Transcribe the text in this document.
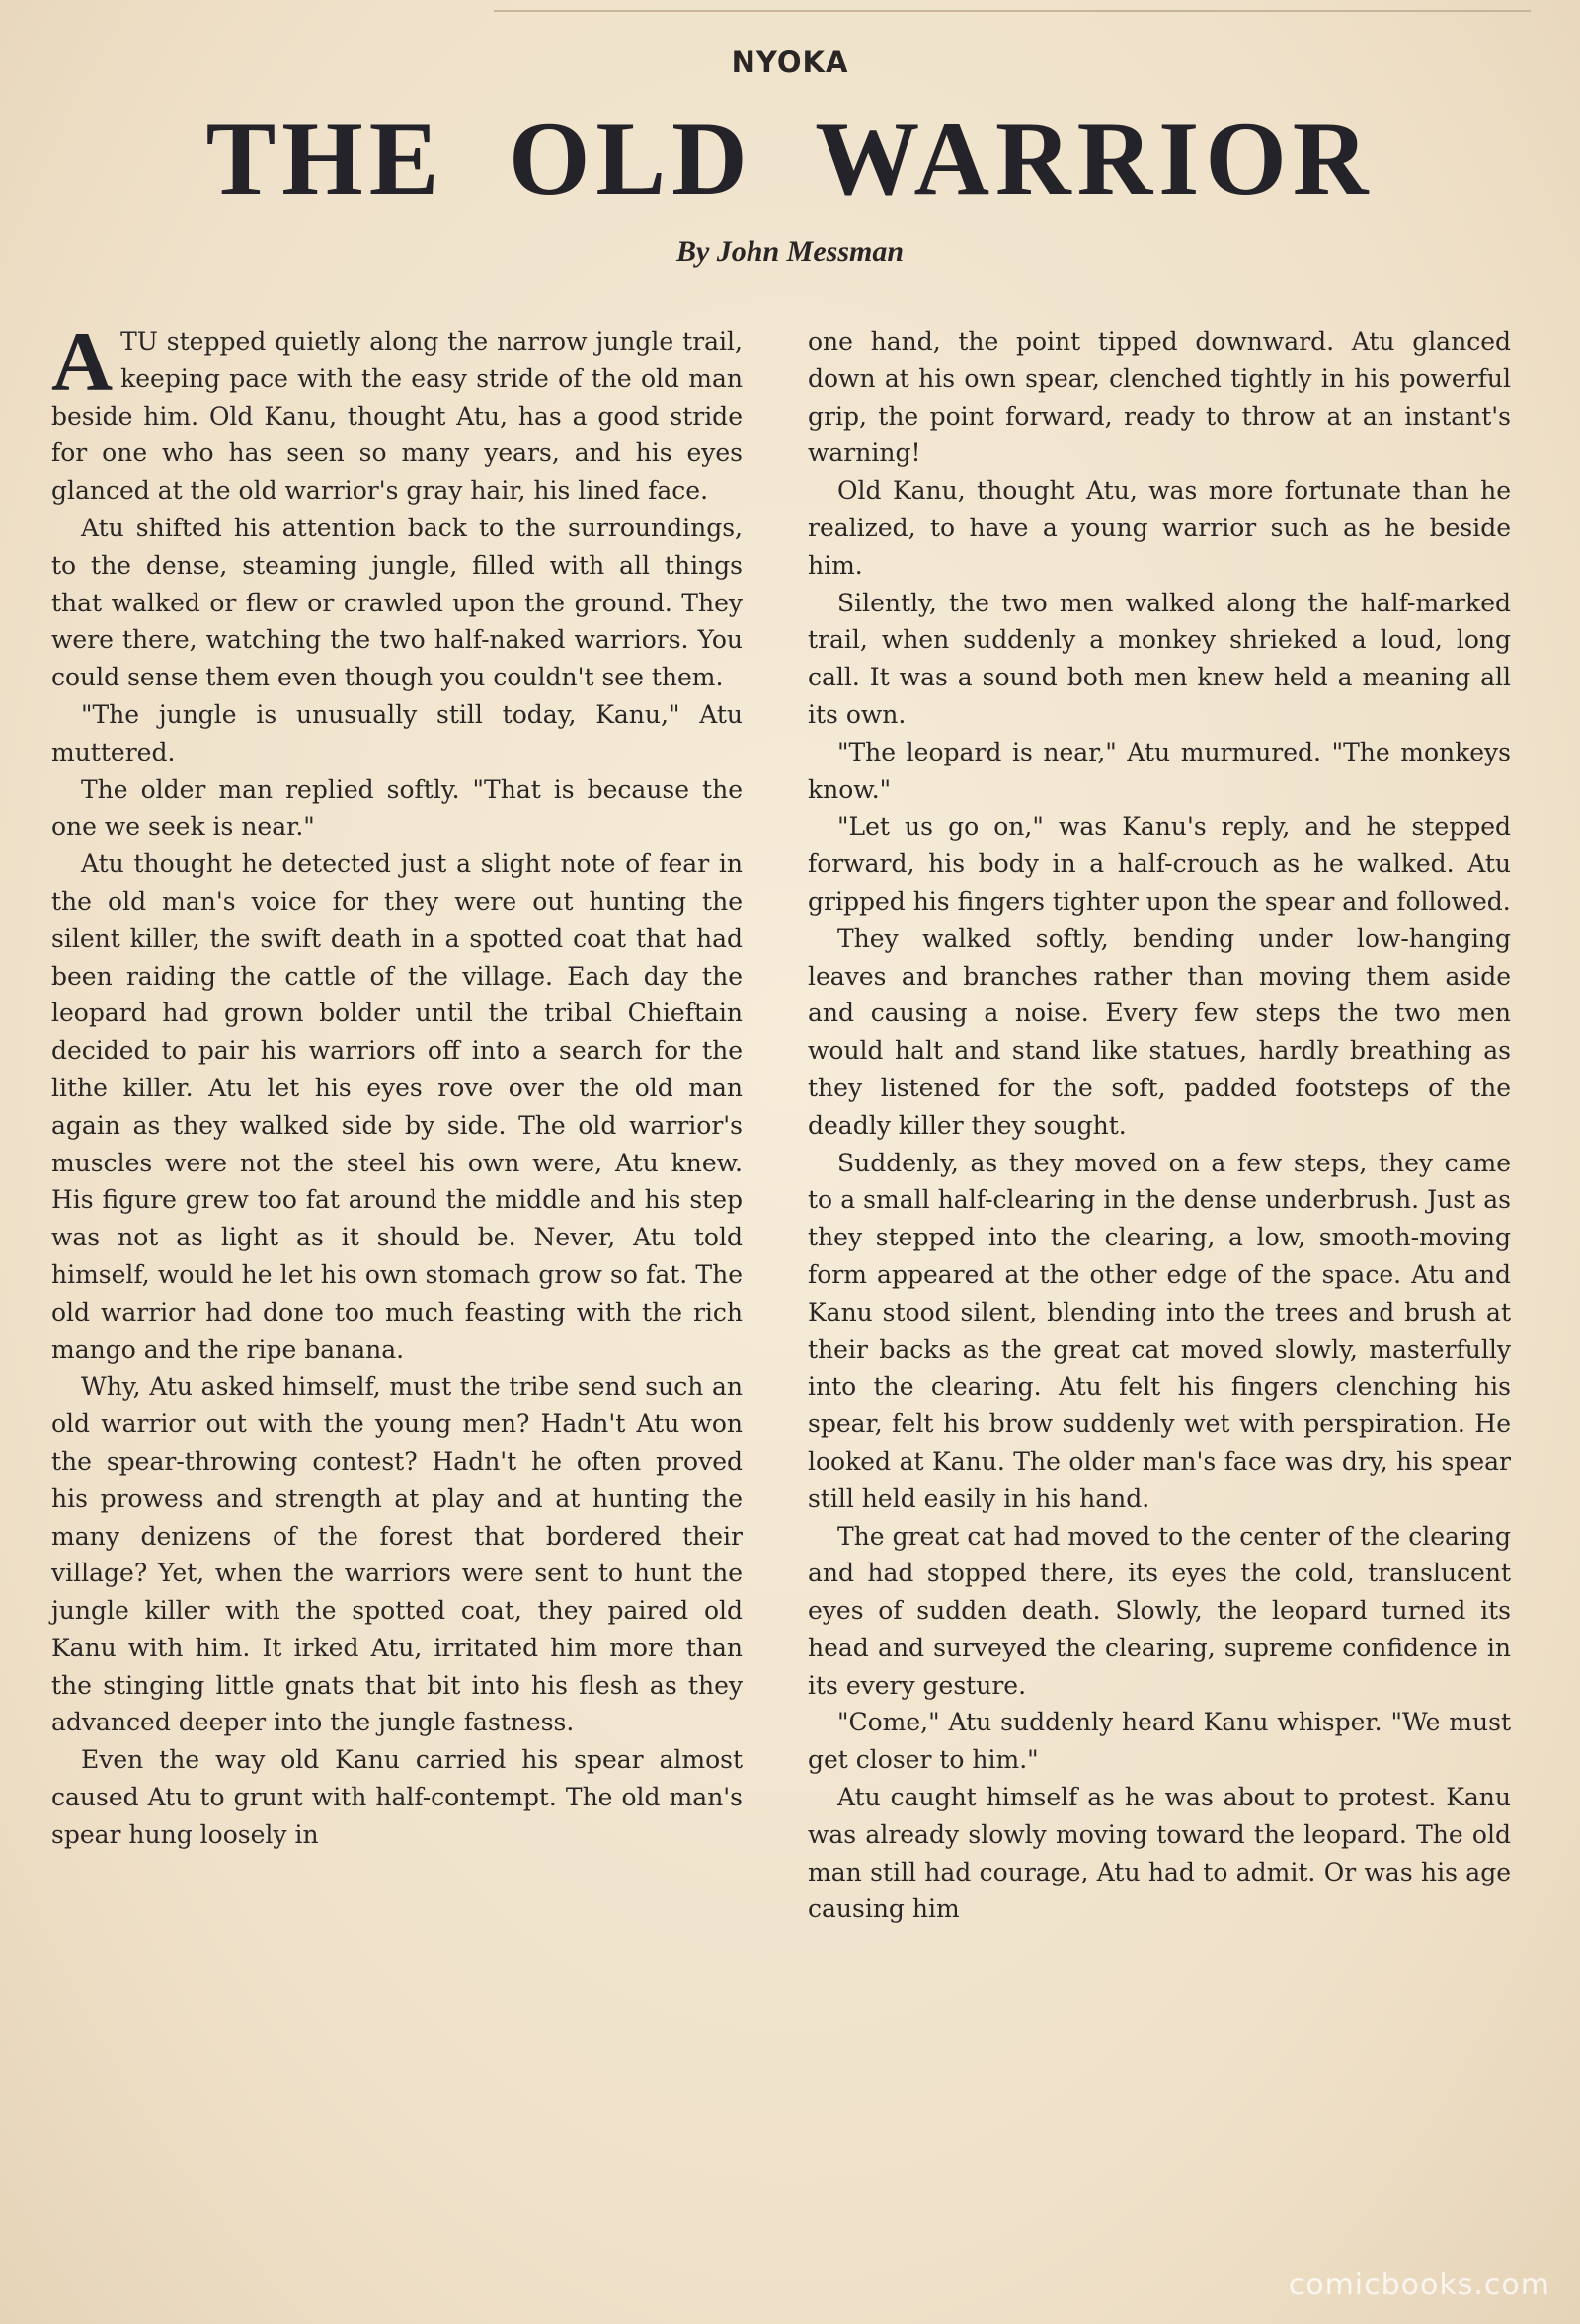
NYOKA
THE OLD WARRIOR
By John Messman

ATU stepped quietly along the narrow jungle trail, keeping pace with the easy stride of the old man beside him. Old Kanu, thought Atu, has a good stride for one who has seen so many years, and his eyes glanced at the old warrior's gray hair, his lined face.

Atu shifted his attention back to the surroundings, to the dense, steaming jungle, filled with all things that walked or flew or crawled upon the ground. They were there, watching the two half-naked warriors. You could sense them even though you couldn't see them.

"The jungle is unusually still today, Kanu," Atu muttered.

The older man replied softly. "That is because the one we seek is near."

Atu thought he detected just a slight note of fear in the old man's voice for they were out hunting the silent killer, the swift death in a spotted coat that had been raiding the cattle of the village. Each day the leopard had grown bolder until the tribal Chieftain decided to pair his warriors off into a search for the lithe killer. Atu let his eyes rove over the old man again as they walked side by side. The old warrior's muscles were not the steel his own were, Atu knew. His figure grew too fat around the middle and his step was not as light as it should be. Never, Atu told himself, would he let his own stomach grow so fat. The old warrior had done too much feasting with the rich mango and the ripe banana.

Why, Atu asked himself, must the tribe send such an old warrior out with the young men? Hadn't Atu won the spear-throwing contest? Hadn't he often proved his prowess and strength at play and at hunting the many denizens of the forest that bordered their village? Yet, when the warriors were sent to hunt the jungle killer with the spotted coat, they paired old Kanu with him. It irked Atu, irritated him more than the stinging little gnats that bit into his flesh as they advanced deeper into the jungle fastness.

Even the way old Kanu carried his spear almost caused Atu to grunt with half-contempt. The old man's spear hung loosely in

one hand, the point tipped downward. Atu glanced down at his own spear, clenched tightly in his powerful grip, the point forward, ready to throw at an instant's warning!

Old Kanu, thought Atu, was more fortunate than he realized, to have a young warrior such as he beside him.

Silently, the two men walked along the half-marked trail, when suddenly a monkey shrieked a loud, long call. It was a sound both men knew held a meaning all its own.

"The leopard is near," Atu murmured. "The monkeys know."

"Let us go on," was Kanu's reply, and he stepped forward, his body in a half-crouch as he walked. Atu gripped his fingers tighter upon the spear and followed.

They walked softly, bending under low-hanging leaves and branches rather than moving them aside and causing a noise. Every few steps the two men would halt and stand like statues, hardly breathing as they listened for the soft, padded footsteps of the deadly killer they sought.

Suddenly, as they moved on a few steps, they came to a small half-clearing in the dense underbrush. Just as they stepped into the clearing, a low, smooth-moving form appeared at the other edge of the space. Atu and Kanu stood silent, blending into the trees and brush at their backs as the great cat moved slowly, masterfully into the clearing. Atu felt his fingers clenching his spear, felt his brow suddenly wet with perspiration. He looked at Kanu. The older man's face was dry, his spear still held easily in his hand.

The great cat had moved to the center of the clearing and had stopped there, its eyes the cold, translucent eyes of sudden death. Slowly, the leopard turned its head and surveyed the clearing, supreme confidence in its every gesture.

"Come," Atu suddenly heard Kanu whisper. "We must get closer to him."

Atu caught himself as he was about to protest. Kanu was already slowly moving toward the leopard. The old man still had courage, Atu had to admit. Or was his age causing him

comicbooks.com
